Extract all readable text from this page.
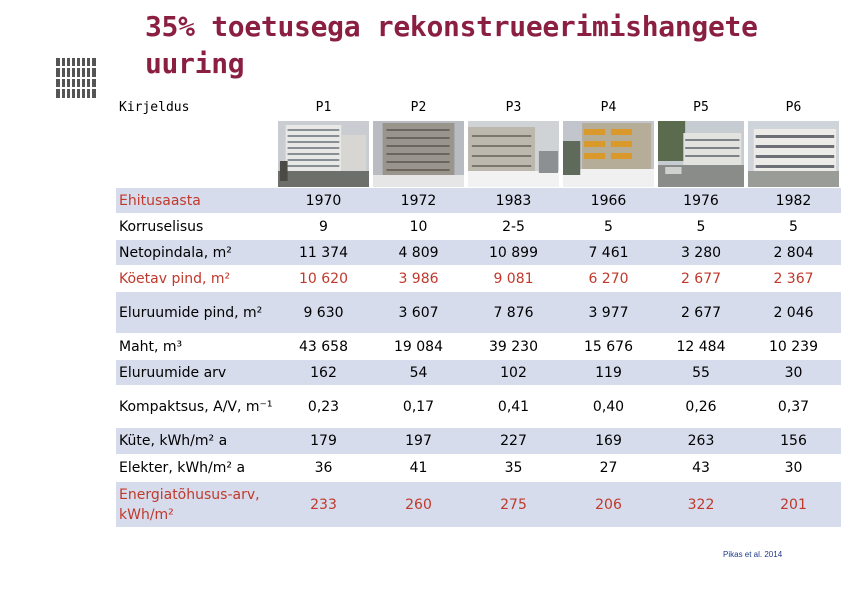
35% toetusega rekonstrueerimishangete uuring
Kirjeldus	P1	P2	P3	P4	P5	P6

Ehitusaasta	1970	1972	1983	1966	1976	1982
Korruselisus	9	10	2-5	5	5	5
Netopindala, m²	11 374	4 809	10 899	7 461	3 280	2 804
Köetav pind, m²	10 620	3 986	9 081	6 270	2 677	2 367
Eluruumide pind, m²	9 630	3 607	7 876	3 977	2 677	2 046
Maht, m³	43 658	19 084	39 230	15 676	12 484	10 239
Eluruumide arv	162	54	102	119	55	30
Kompaktsus, A/V, m⁻¹	0,23	0,17	0,41	0,40	0,26	0,37
Küte, kWh/m² a	179	197	227	169	263	156
Elekter, kWh/m² a	36	41	35	27	43	30
Energiatõhusus-arv, kWh/m²	233	260	275	206	322	201
Pikas et al. 2014
